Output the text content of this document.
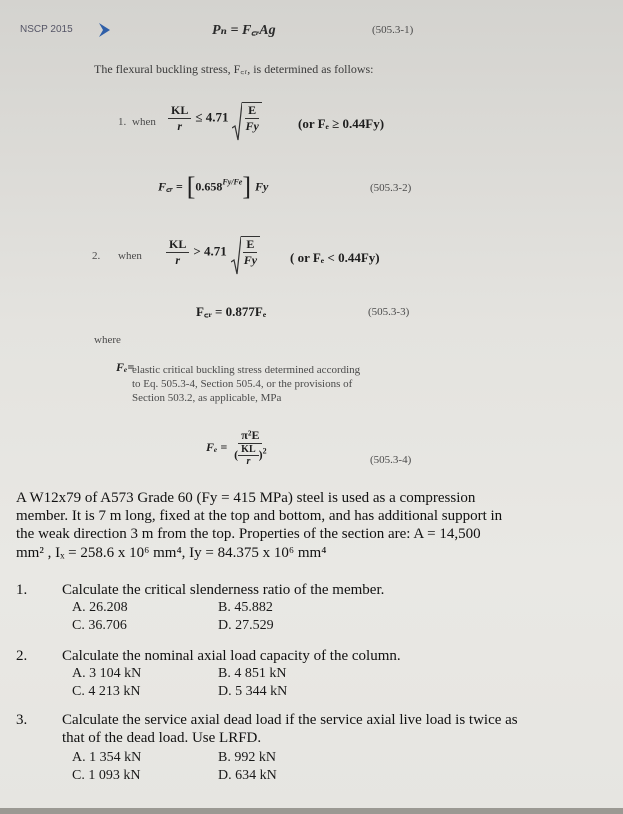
NSCP 2015	Pₙ = F꜀ᵣAg	(505.3-1)
The flexural buckling stress, F꜀ᵣ, is determined as follows:
1. when $\frac{KL}{r} \le 4.71 \frac{E}{Fy}$	(or Fₑ ≥ 0.44Fy)
F꜀ᵣ = $[0.658^{Fy/Fe}]$ Fy	(505.3-2)
2. when $\frac{KL}{r} > 4.71 \frac{E}{Fy}$ ( or Fₑ < 0.44Fy)
F꜀ᵣ = 0.877Fₑ	(505.3-3)
where
Fₑ=
elastic critical buckling stress determined according
to Eq. 505.3-4, Section 505.4, or the provisions of
Section 503.2, as applicable, MPa
$F_e = \frac{\text{π²E}}{( \frac{KL}{r} )^2}$	(505.3-4)
A W12x79 of A573 Grade 60 (Fy = 415 MPa) steel is used as a compression
member. It is 7 m long, fixed at the top and bottom, and has additional support in
the weak direction 3 m from the top. Properties of the section are: A = 14,500
mm² , Iₓ = 258.6 x 10⁶ mm⁴, Iy = 84.375 x 10⁶ mm⁴
1. Calculate the critical slenderness ratio of the member.
A. 26.208	B. 45.882
C. 36.706	D. 27.529
2. Calculate the nominal axial load capacity of the column.
A. 3 104 kN	B. 4 851 kN
C. 4 213 kN	D. 5 344 kN
3. Calculate the service axial dead load if the service axial live load is twice as
that of the dead load. Use LRFD.
A. 1 354 kN	B. 992 kN
C. 1 093 kN	D. 634 kN
